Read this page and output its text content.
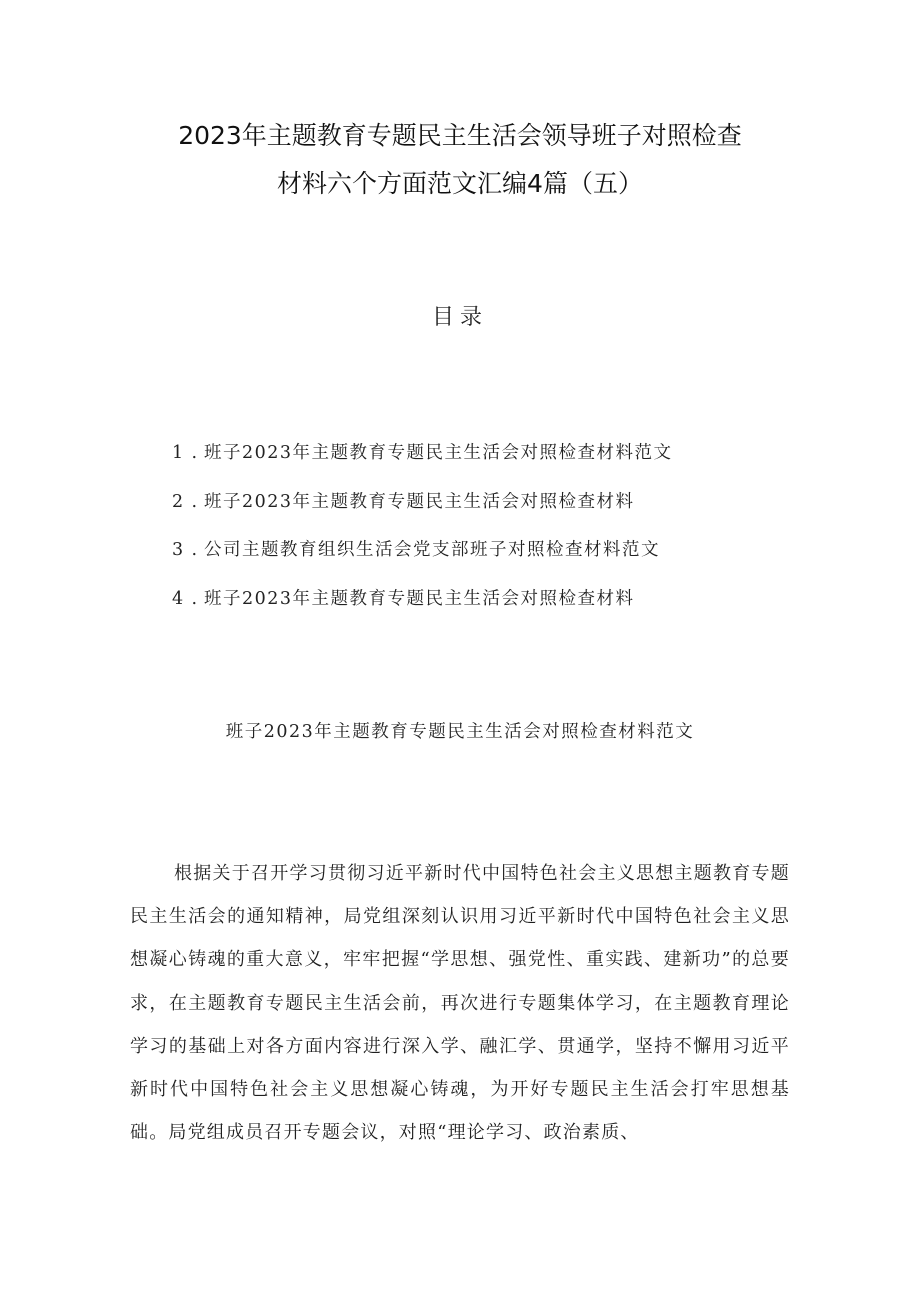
2023年主题教育专题民主生活会领导班子对照检查
材料六个方面范文汇编4篇（五）
目录
1 . 班子2023年主题教育专题民主生活会对照检查材料范文
2 . 班子2023年主题教育专题民主生活会对照检查材料
3 . 公司主题教育组织生活会党支部班子对照检查材料范文
4 . 班子2023年主题教育专题民主生活会对照检查材料
班子2023年主题教育专题民主生活会对照检查材料范文

根据关于召开学习贯彻习近平新时代中国特色社会主义思想主题教育专题民主生活会的通知精神，局党组深刻认识用习近平新时代中国特色社会主义思想凝心铸魂的重大意义，牢牢把握“学思想、强党性、重实践、建新功”的总要求，在主题教育专题民主生活会前，再次进行专题集体学习，在主题教育理论学习的基础上对各方面内容进行深入学、融汇学、贯通学，坚持不懈用习近平新时代中国特色社会主义思想凝心铸魂，为开好专题民主生活会打牢思想基础。局党组成员召开专题会议，对照“理论学习、政治素质、
